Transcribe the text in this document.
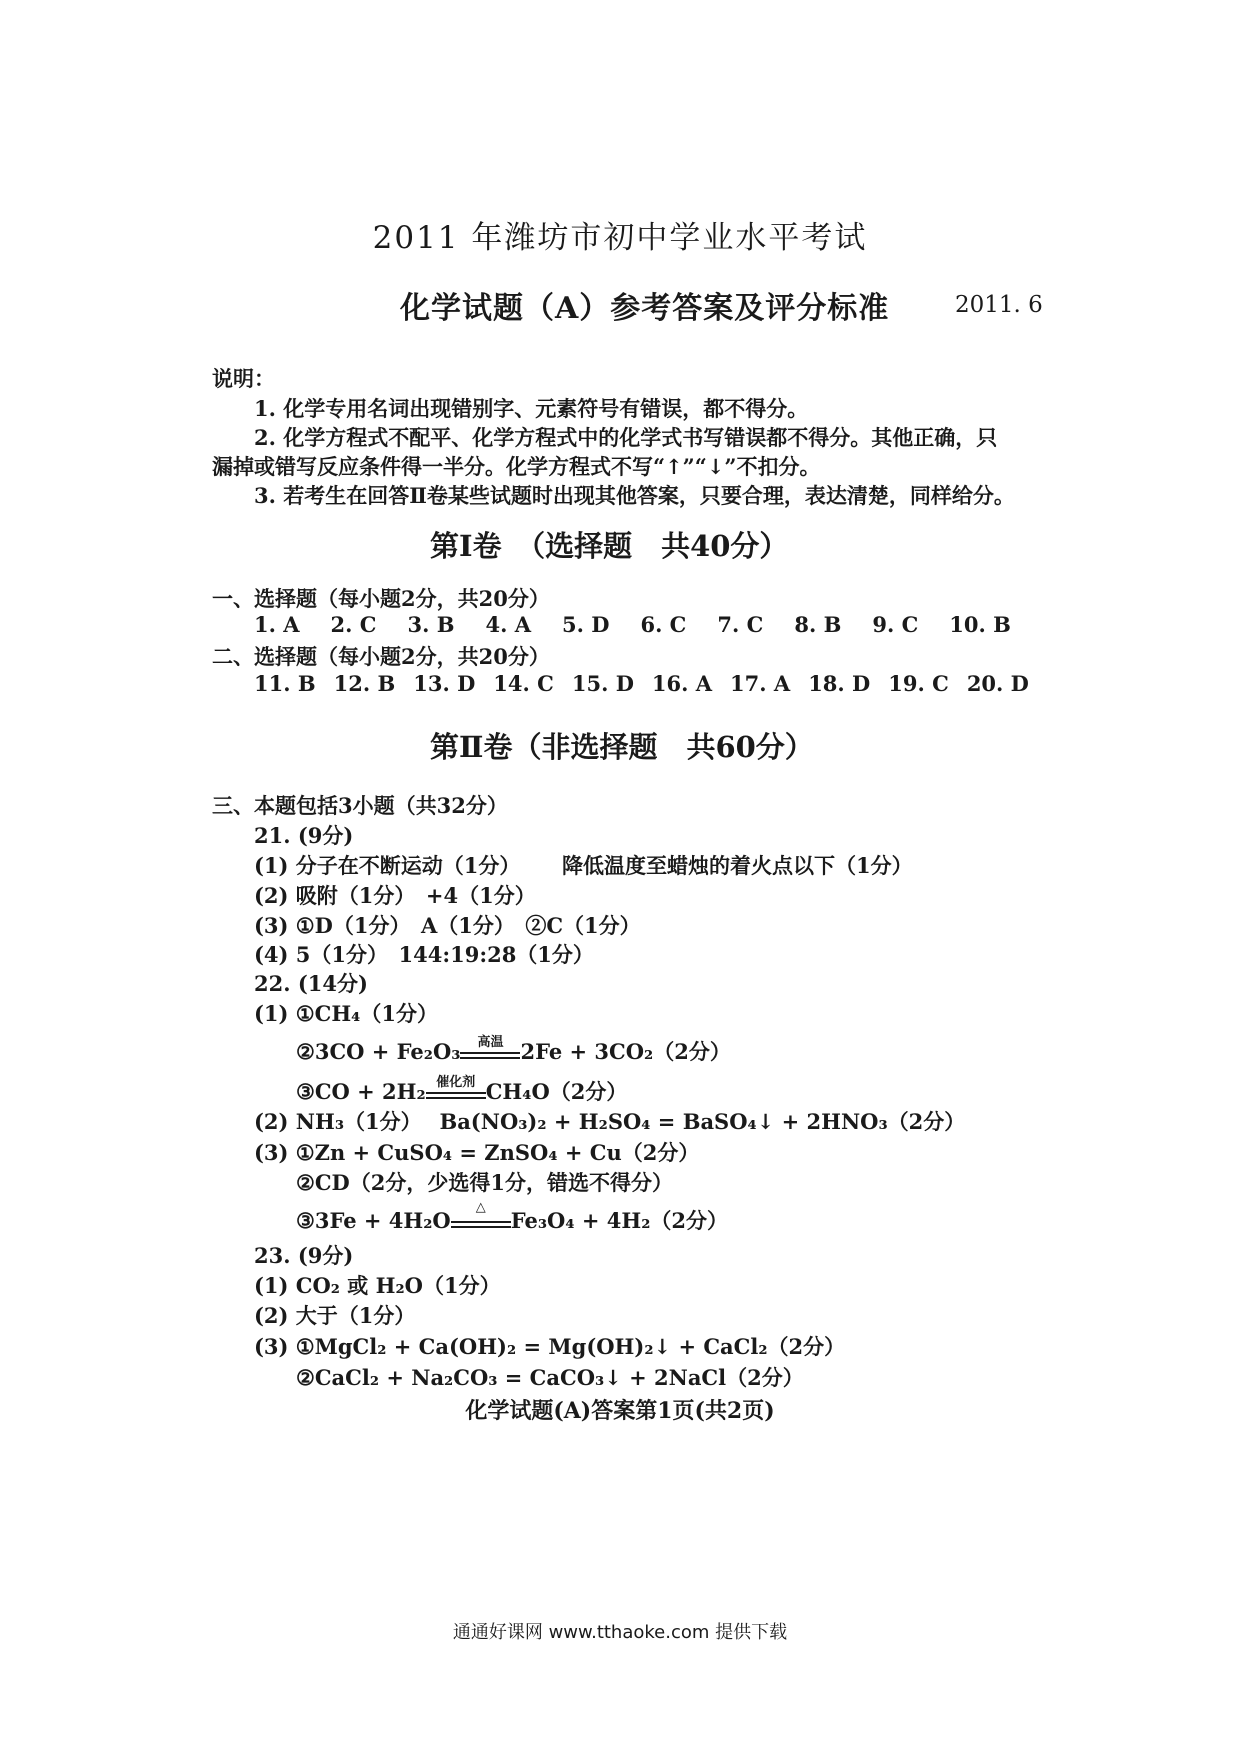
2011 年潍坊市初中学业水平考试
化学试题（A）参考答案及评分标准	2011. 6
说明：
1. 化学专用名词出现错别字、元素符号有错误，都不得分。
2. 化学方程式不配平、化学方程式中的化学式书写错误都不得分。其他正确，只
漏掉或错写反应条件得一半分。化学方程式不写“↑”“↓”不扣分。
3. 若考生在回答Ⅱ卷某些试题时出现其他答案，只要合理，表达清楚，同样给分。
第Ⅰ卷　（选择题　共40分）
一、选择题（每小题2分，共20分）
1. A 2. C 3. B 4. A 5. D 6. C 7. C 8. B 9. C 10. B
二、选择题（每小题2分，共20分）
11. B 12. B 13. D 14. C 15. D 16. A 17. A 18. D 19. C 20. D
第Ⅱ卷（非选择题　共60分）
三、本题包括3小题（共32分）
21. (9分)
(1) 分子在不断运动（1分） 降低温度至蜡烛的着火点以下（1分）
(2) 吸附（1分）　+4（1分）
(3) ①D（1分）　A（1分）　②C（1分）
(4) 5（1分）　144:19:28（1分）
22. (14分)
(1) ①CH₄（1分）
②3CO + Fe₂O₃	高温 2Fe + 3CO₂（2分）
③CO + 2H₂ 催化剂 CH₄O（2分）
(2) NH₃（1分）　 Ba(NO₃)₂ + H₂SO₄ = BaSO₄↓ + 2HNO₃（2分）
(3) ①Zn + CuSO₄ = ZnSO₄ + Cu（2分）
②CD（2分，少选得1分，错选不得分）
③3Fe + 4H₂O
△
Fe₃O₄ + 4H₂（2分）
23. (9分)
(1) CO₂ 或 H₂O（1分）
(2) 大于（1分）
(3) ①MgCl₂ + Ca(OH)₂ = Mg(OH)₂↓ + CaCl₂（2分）
②CaCl₂ + Na₂CO₃ = CaCO₃↓ + 2NaCl（2分）
化学试题(A)答案第1页(共2页)
通通好课网 www.tthaoke.com 提供下载
